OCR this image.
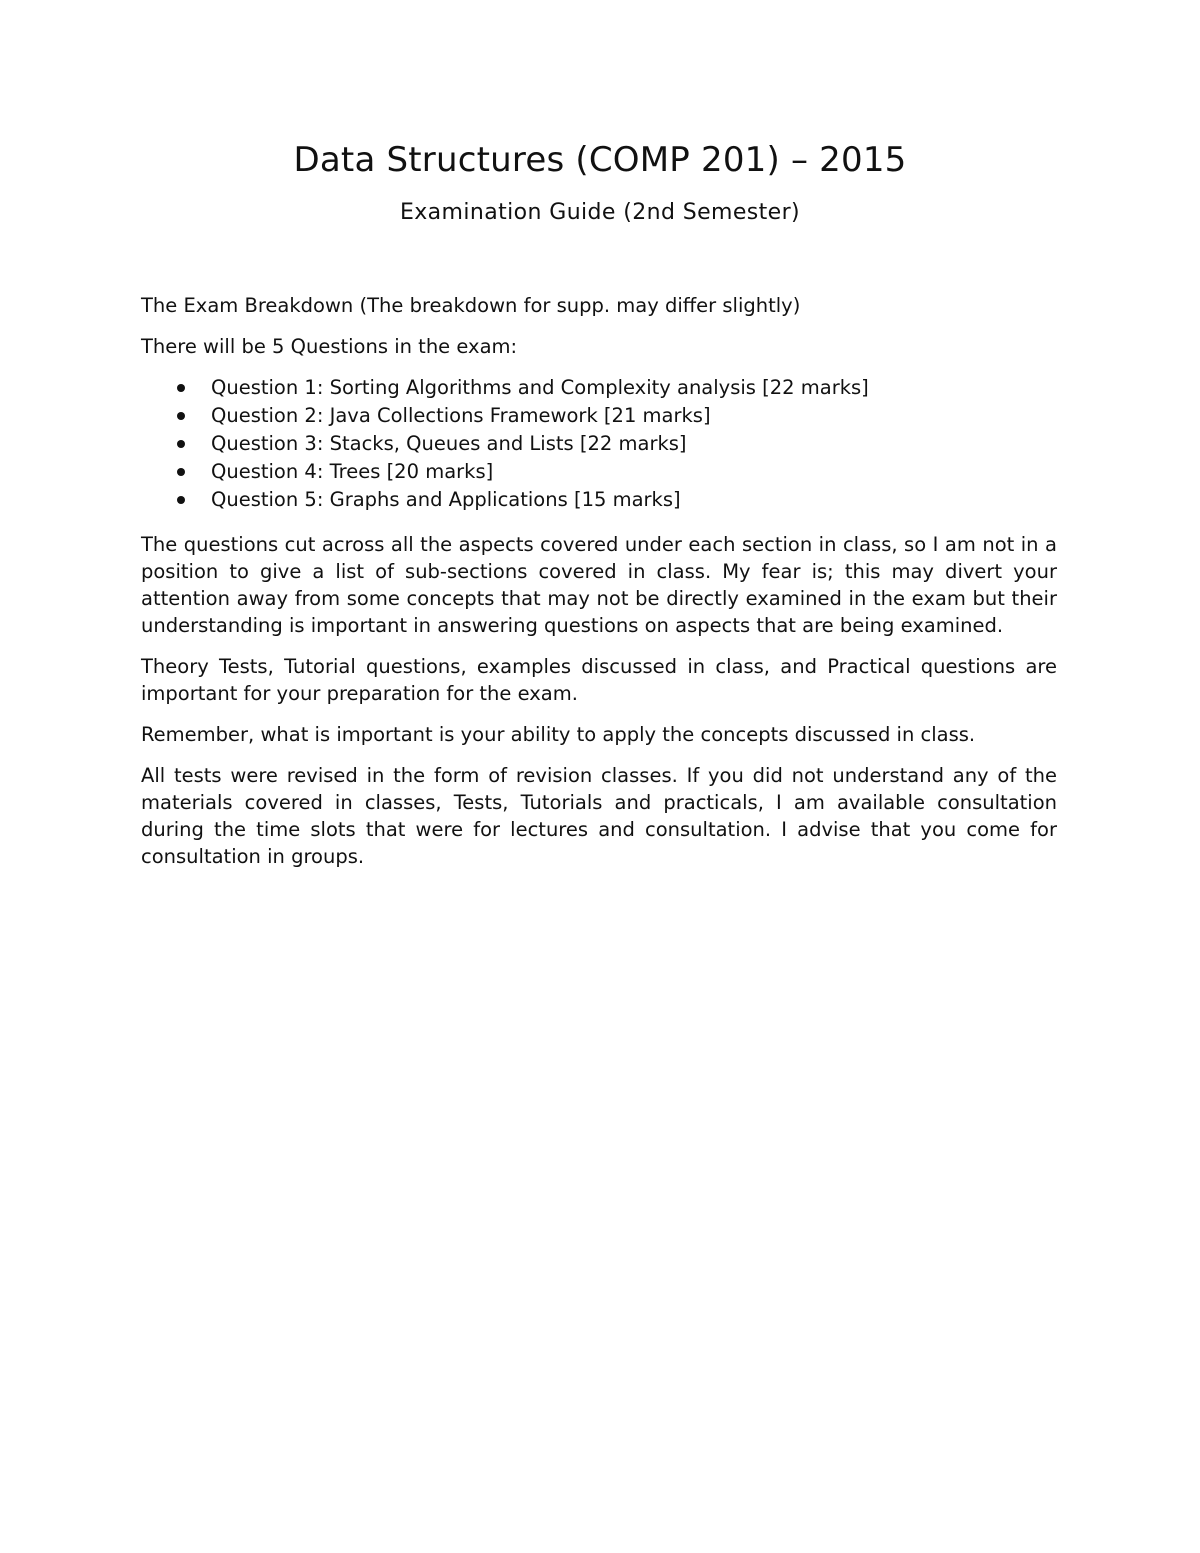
Data Structures (COMP 201) – 2015
Examination Guide (2nd Semester)

The Exam Breakdown (The breakdown for supp. may differ slightly)

There will be 5 Questions in the exam:

Question 1: Sorting Algorithms and Complexity analysis [22 marks]
Question 2: Java Collections Framework [21 marks]
Question 3: Stacks, Queues and Lists [22 marks]
Question 4: Trees [20 marks]
Question 5: Graphs and Applications [15 marks]

The questions cut across all the aspects covered under each section in class, so I am not in a position to give a list of sub-sections covered in class. My fear is; this may divert your attention away from some concepts that may not be directly examined in the exam but their understanding is important in answering questions on aspects that are being examined.

Theory Tests, Tutorial questions, examples discussed in class, and Practical questions are important for your preparation for the exam.

Remember, what is important is your ability to apply the concepts discussed in class.

All tests were revised in the form of revision classes. If you did not understand any of the materials covered in classes, Tests, Tutorials and practicals, I am available consultation during the time slots that were for lectures and consultation. I advise that you come for consultation in groups.
